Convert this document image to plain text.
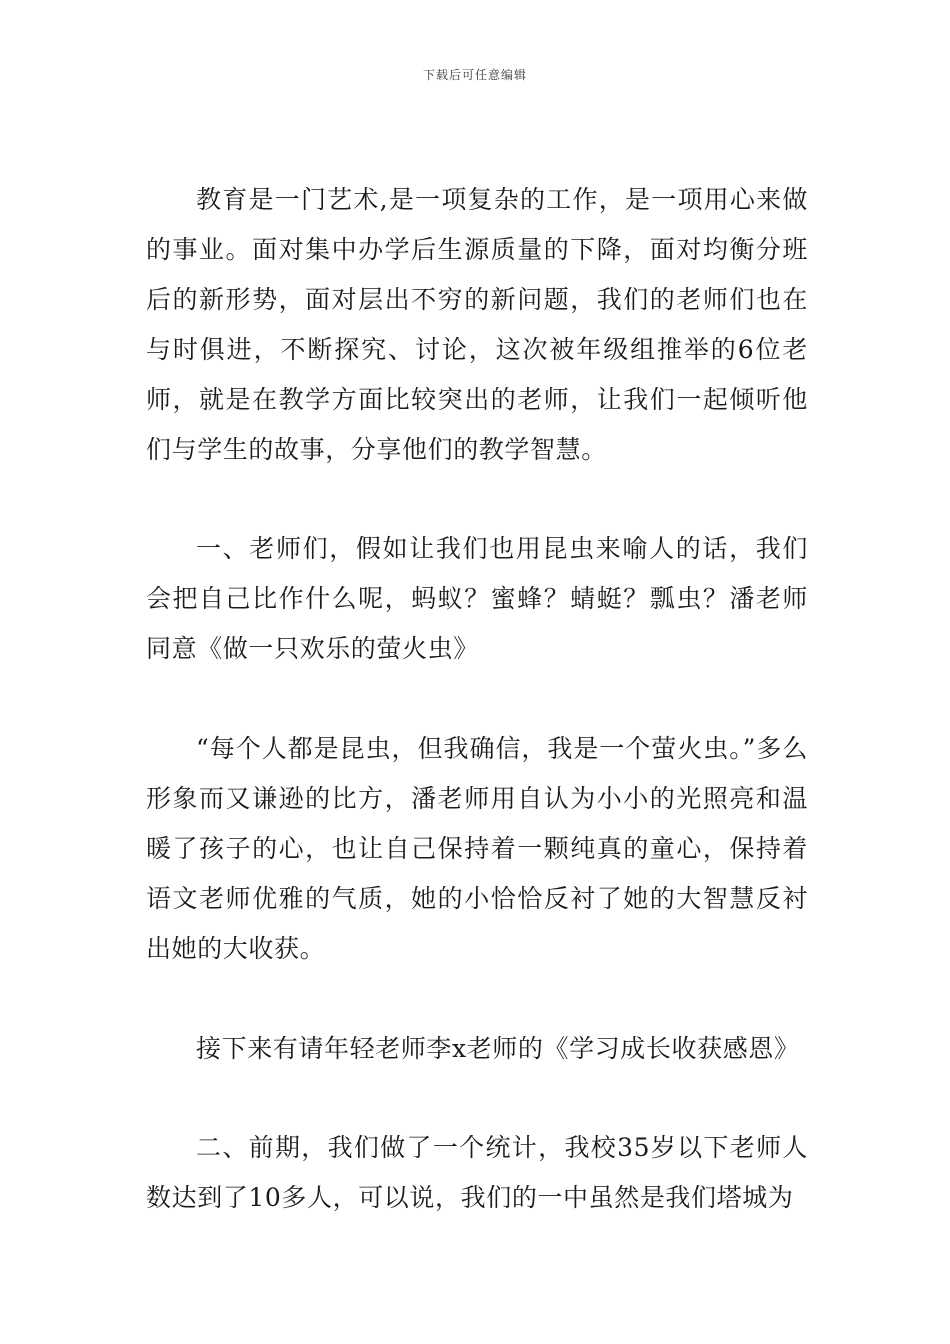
下载后可任意编辑

教育是一门艺术,是一项复杂的工作，是一项用心来做的事业。面对集中办学后生源质量的下降，面对均衡分班后的新形势，面对层出不穷的新问题，我们的老师们也在与时俱进，不断探究、讨论，这次被年级组推举的6位老师，就是在教学方面比较突出的老师，让我们一起倾听他们与学生的故事，分享他们的教学智慧。

一、老师们，假如让我们也用昆虫来喻人的话，我们会把自己比作什么呢，蚂蚁？蜜蜂？蜻蜓？瓢虫？潘老师同意《做一只欢乐的萤火虫》

“每个人都是昆虫，但我确信，我是一个萤火虫。”多么形象而又谦逊的比方，潘老师用自认为小小的光照亮和温暖了孩子的心，也让自己保持着一颗纯真的童心，保持着语文老师优雅的气质，她的小恰恰反衬了她的大智慧反衬出她的大收获。

接下来有请年轻老师李x老师的《学习成长收获感恩》

二、前期，我们做了一个统计，我校35岁以下老师人数达到了10多人，可以说，我们的一中虽然是我们塔城为
